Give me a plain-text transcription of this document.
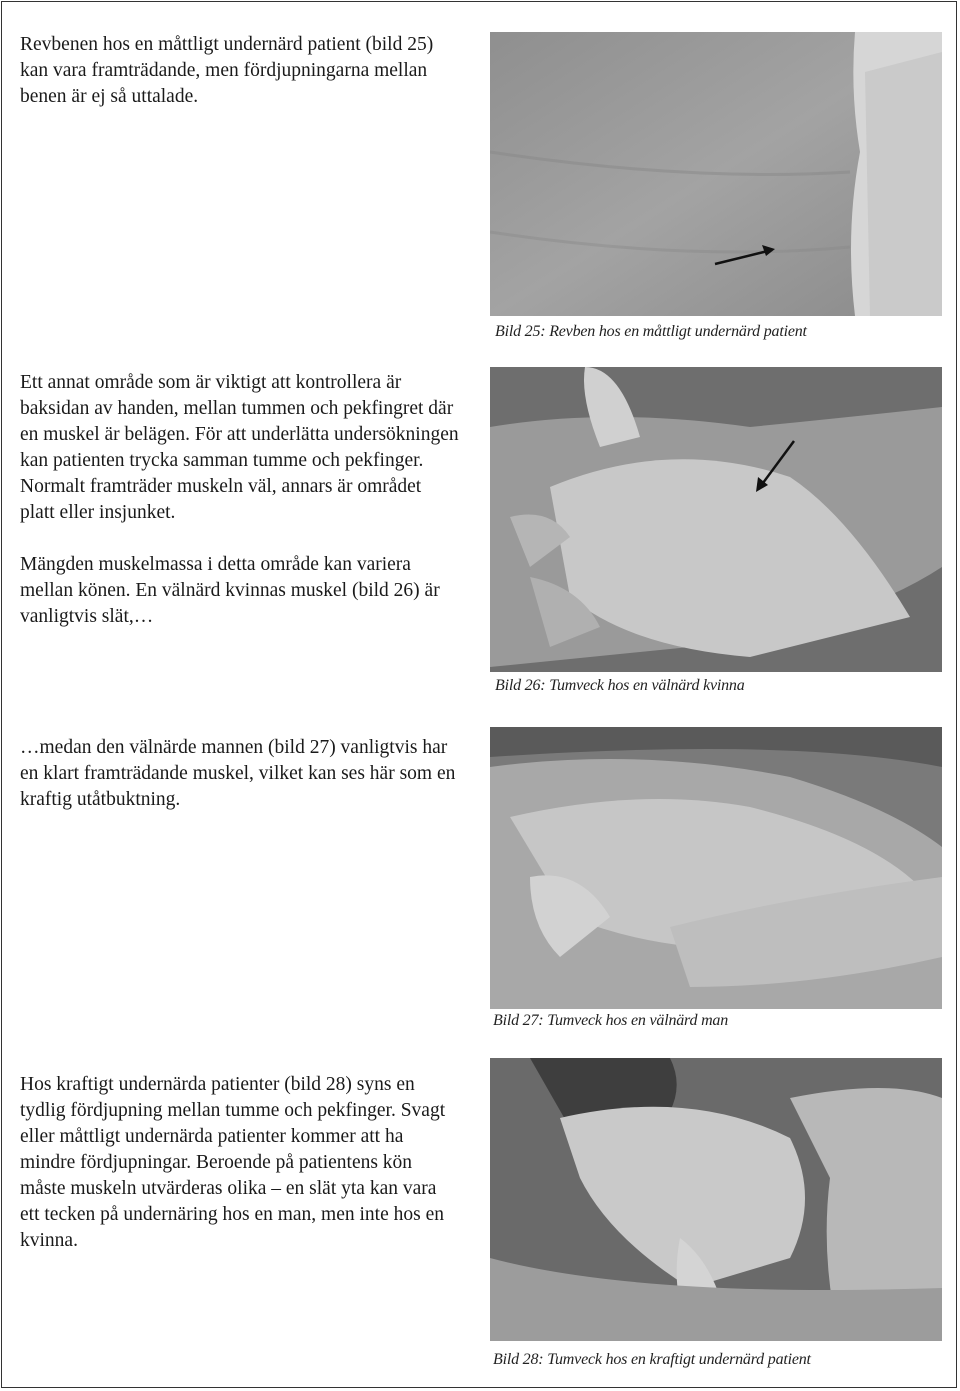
Revbenen hos en måttligt undernärd patient (bild 25) kan vara framträdande, men fördjupningarna mellan benen är ej så uttalade.

Ett annat område som är viktigt att kontrollera är baksidan av handen, mellan tummen och pekfingret där en muskel är belägen. För att underlätta undersökningen kan patienten trycka samman tumme och pekfinger. Normalt framträder muskeln väl, annars är området platt eller insjunket.

Mängden muskelmassa i detta område kan variera mellan könen. En välnärd kvinnas muskel (bild 26) är vanligtvis slät,…

…medan den välnärde mannen (bild 27) vanligtvis har en klart framträdande muskel, vilket kan ses här som en kraftig utåtbuktning.

Hos kraftigt undernärda patienter (bild 28) syns en tydlig fördjupning mellan tumme och pekfinger. Svagt eller måttligt undernärda patienter kommer att ha mindre fördjupningar. Beroende på patientens kön måste muskeln utvärderas olika – en slät yta kan vara ett tecken på undernäring hos en man, men inte hos en kvinna.

Bild 25: Revben hos en måttligt undernärd patient
Bild 26: Tumveck hos en välnärd kvinna
Bild 27: Tumveck hos en välnärd man
Bild 28: Tumveck hos en kraftigt undernärd patient
